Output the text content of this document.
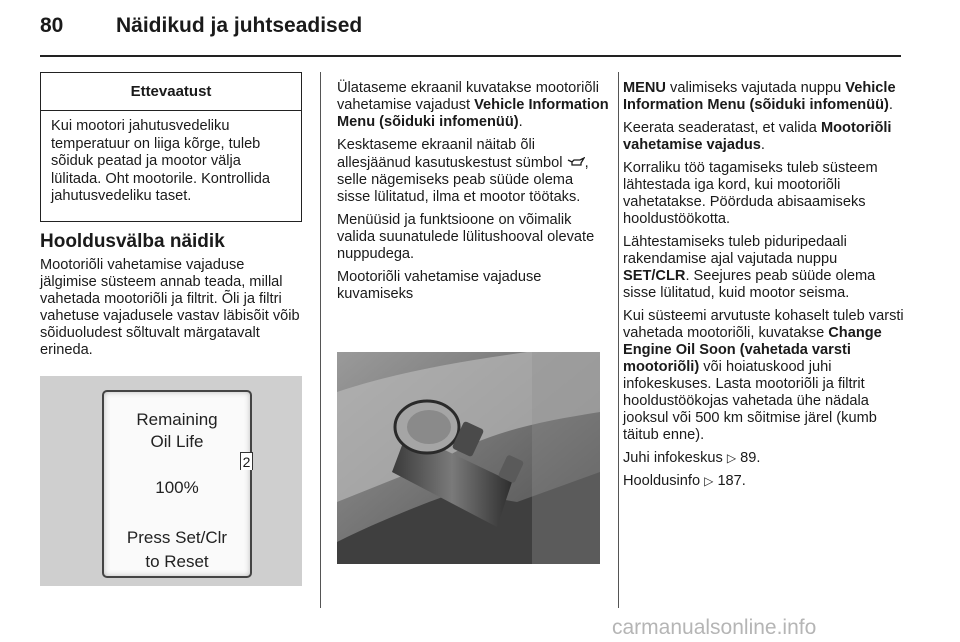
80	Näidikud ja juhtseadised
Ettevaatust
Kui mootori jahutusvedeliku temperatuur on liiga kõrge, tuleb sõiduk peatad ja mootor välja lülitada. Oht mootorile. Kontrollida jahutusvedeliku taset.
Hooldusvälba näidik

Mootoriõli vahetamise vajaduse jälgimise süsteem annab teada, millal vahetada mootoriõli ja filtrit. Õli ja filtri vahetuse vajadusele vastav läbisõit võib sõiduoludest sõltuvalt märgatavalt erineda.

Remaining
Oil Life
100%
Press Set/Clr
to Reset
2

Ülataseme ekraanil kuvatakse mootoriõli vahetamise vajadust Vehicle Information Menu (sõiduki infomenüü).

Kesktaseme ekraanil näitab õli allesjäänud kasutuskestust sümbol , selle nägemiseks peab süüde olema sisse lülitatud, ilma et mootor töötaks.

Menüüsid ja funktsioone on võimalik valida suunatulede lülitushooval olevate nuppudega.

Mootoriõli vahetamise vajaduse kuvamiseks

MENU valimiseks vajutada nuppu Vehicle Information Menu (sõiduki infomenüü).

Keerata seaderatast, et valida Mootoriõli vahetamise vajadus.

Korraliku töö tagamiseks tuleb süsteem lähtestada iga kord, kui mootoriõli vahetatakse. Pöörduda abisaamiseks hooldustöökotta.

Lähtestamiseks tuleb piduripedaali rakendamise ajal vajutada nuppu SET/CLR. Seejures peab süüde olema sisse lülitatud, kuid mootor seisma.

Kui süsteemi arvutuste kohaselt tuleb varsti vahetada mootoriõli, kuvatakse Change Engine Oil Soon (vahetada varsti mootoriõli) või hoiatuskood juhi infokeskuses. Lasta mootoriõli ja filtrit hooldustöökojas vahetada ühe nädala jooksul või 500 km sõitmise järel (kumb täitub enne).

Juhi infokeskus ▷ 89.

Hooldusinfo ▷ 187.

carmanualsonline.info
